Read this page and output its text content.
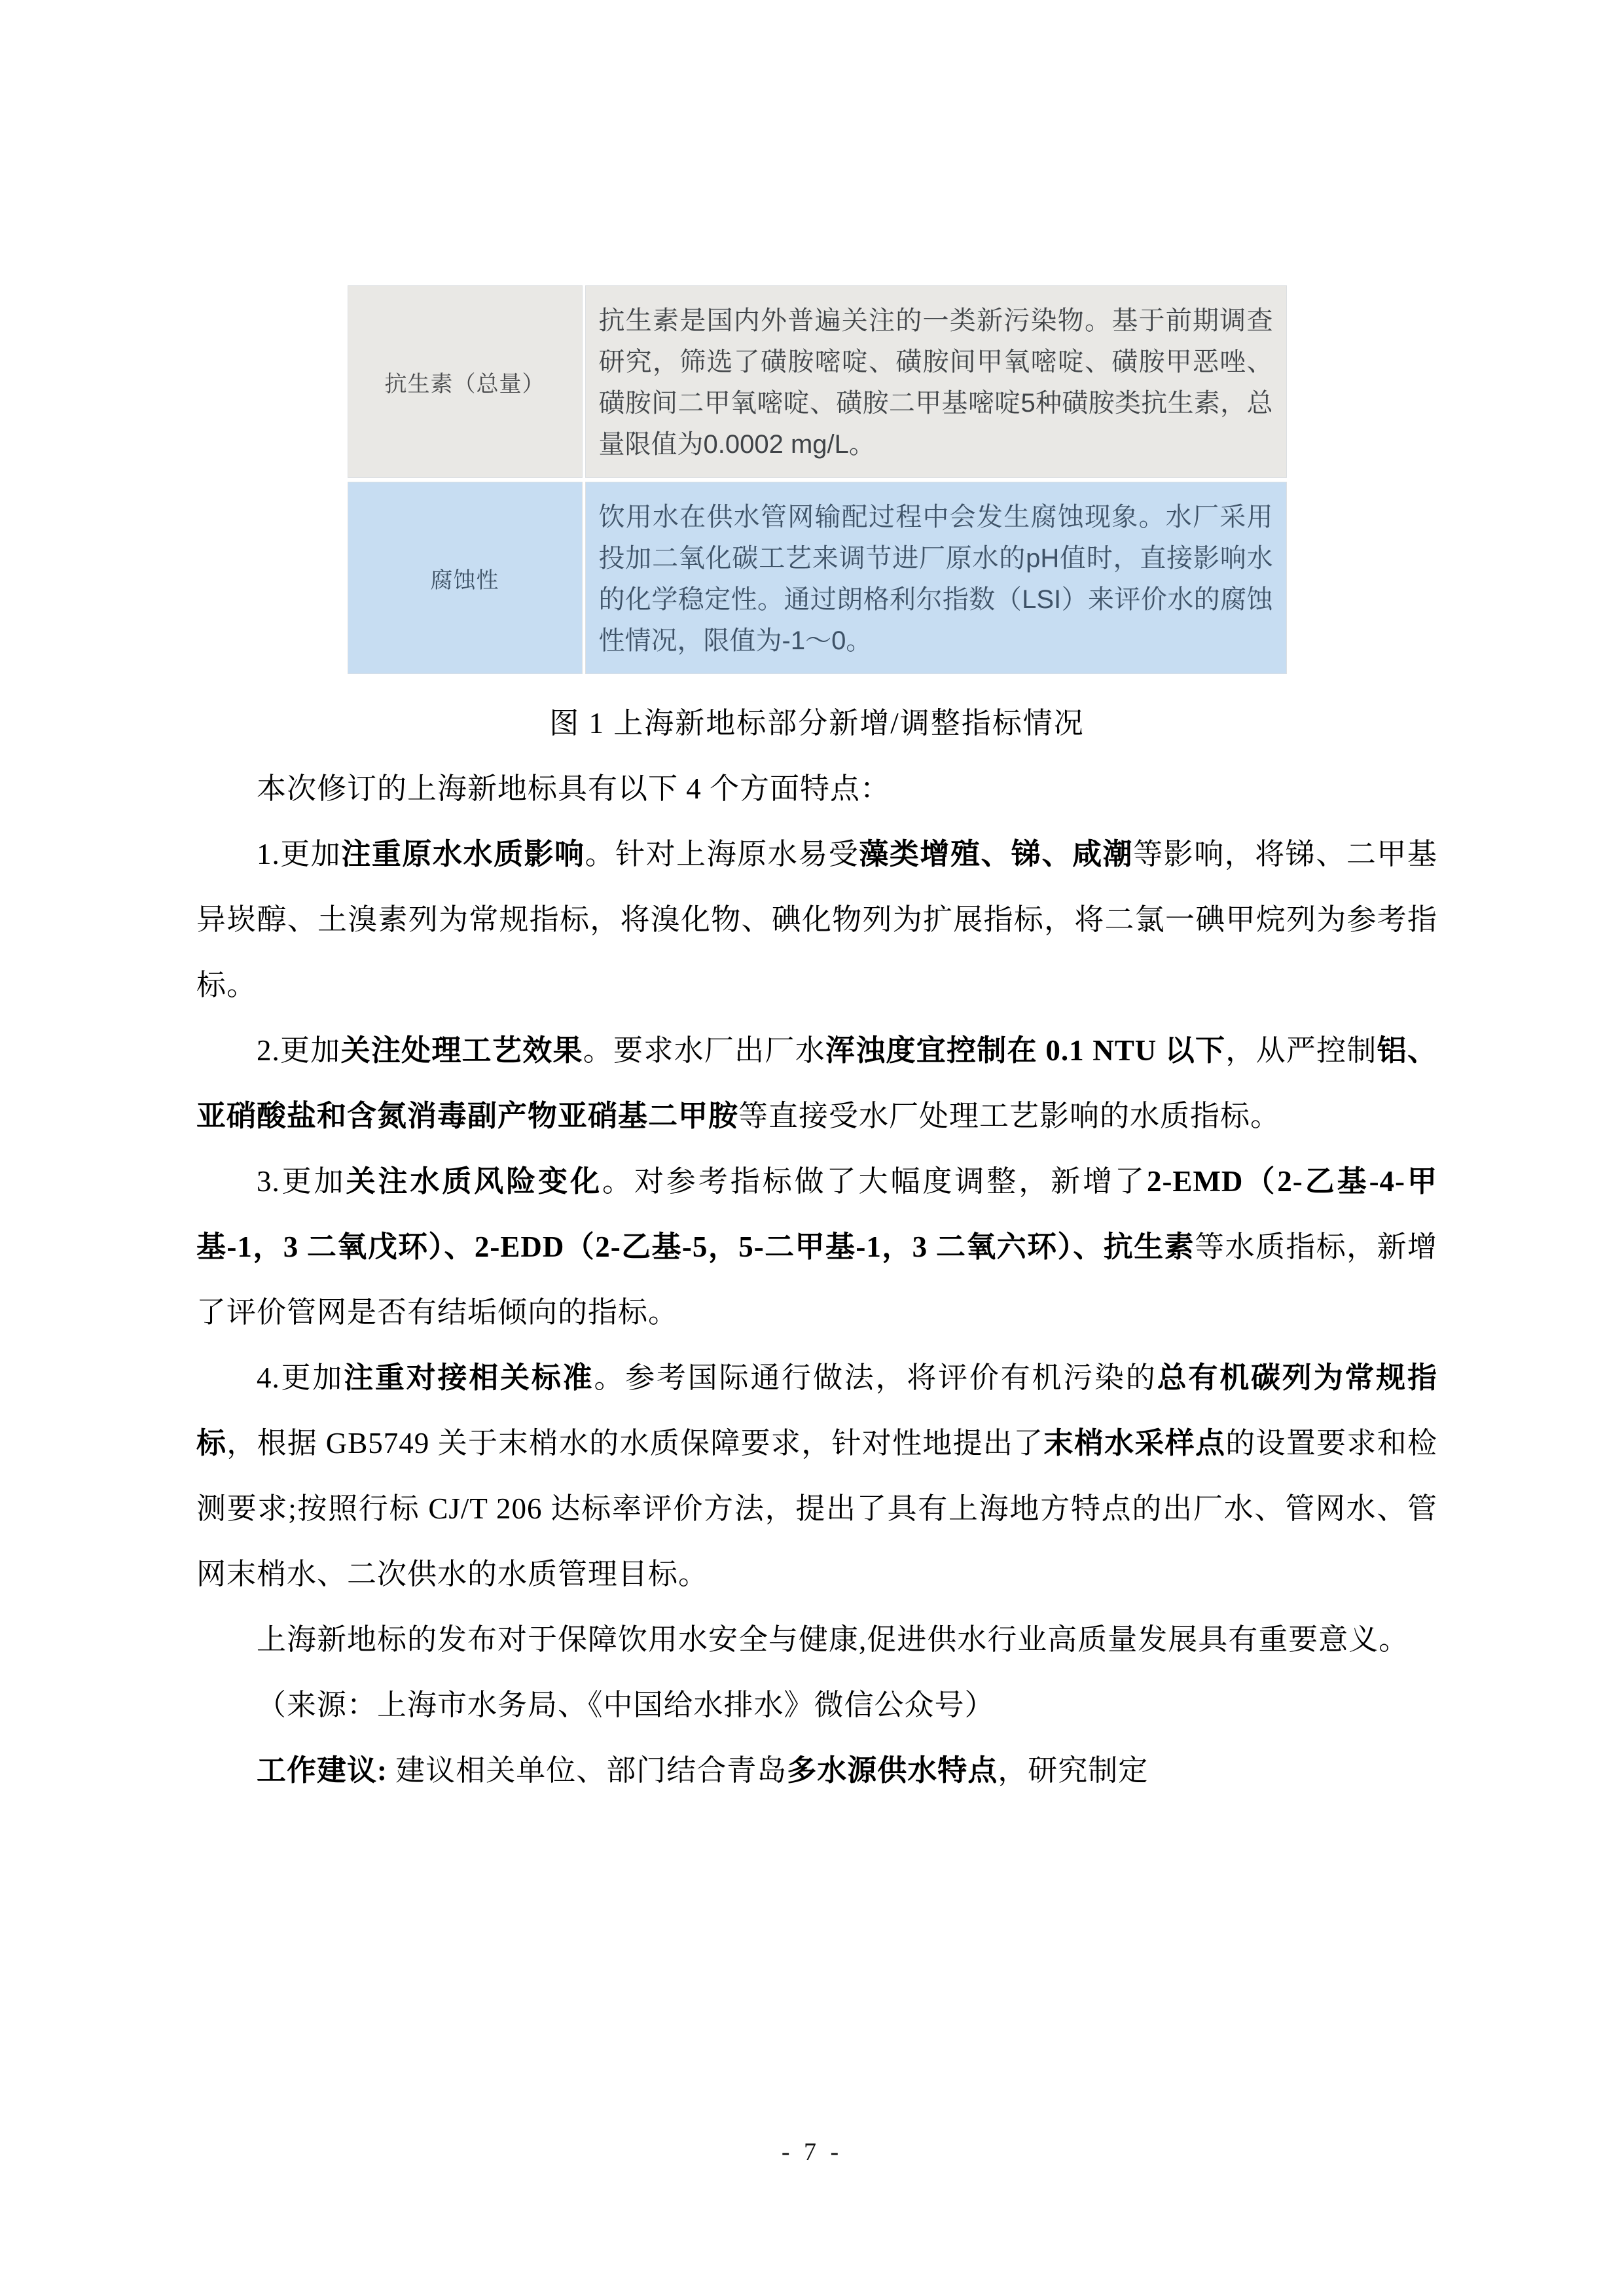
抗生素（总量）
抗生素是国内外普遍关注的一类新污染物。基于前期调查研究，筛选了磺胺嘧啶、磺胺间甲氧嘧啶、磺胺甲恶唑、磺胺间二甲氧嘧啶、磺胺二甲基嘧啶5种磺胺类抗生素，总量限值为0.0002 mg/L。
腐蚀性
饮用水在供水管网输配过程中会发生腐蚀现象。水厂采用投加二氧化碳工艺来调节进厂原水的pH值时，直接影响水的化学稳定性。通过朗格利尔指数（LSI）来评价水的腐蚀性情况，限值为-1～0。
图 1 上海新地标部分新增/调整指标情况

本次修订的上海新地标具有以下 4 个方面特点：

1.更加注重原水水质影响。针对上海原水易受藻类增殖、锑、咸潮等影响，将锑、二甲基异崁醇、土溴素列为常规指标，将溴化物、碘化物列为扩展指标，将二氯一碘甲烷列为参考指标。

2.更加关注处理工艺效果。要求水厂出厂水浑浊度宜控制在 0.1 NTU 以下，从严控制铝、亚硝酸盐和含氮消毒副产物亚硝基二甲胺等直接受水厂处理工艺影响的水质指标。

3.更加关注水质风险变化。对参考指标做了大幅度调整，新增了2-EMD（2-乙基-4-甲基-1，3 二氧戊环）、2-EDD（2-乙基-5，5-二甲基-1，3 二氧六环）、抗生素等水质指标，新增了评价管网是否有结垢倾向的指标。

4.更加注重对接相关标准。参考国际通行做法，将评价有机污染的总有机碳列为常规指标，根据 GB5749 关于末梢水的水质保障要求，针对性地提出了末梢水采样点的设置要求和检测要求;按照行标 CJ/T 206 达标率评价方法，提出了具有上海地方特点的出厂水、管网水、管网末梢水、二次供水的水质管理目标。

上海新地标的发布对于保障饮用水安全与健康,促进供水行业高质量发展具有重要意义。

（来源：上海市水务局、《中国给水排水》微信公众号）

工作建议: 建议相关单位、部门结合青岛多水源供水特点，研究制定

- 7 -
